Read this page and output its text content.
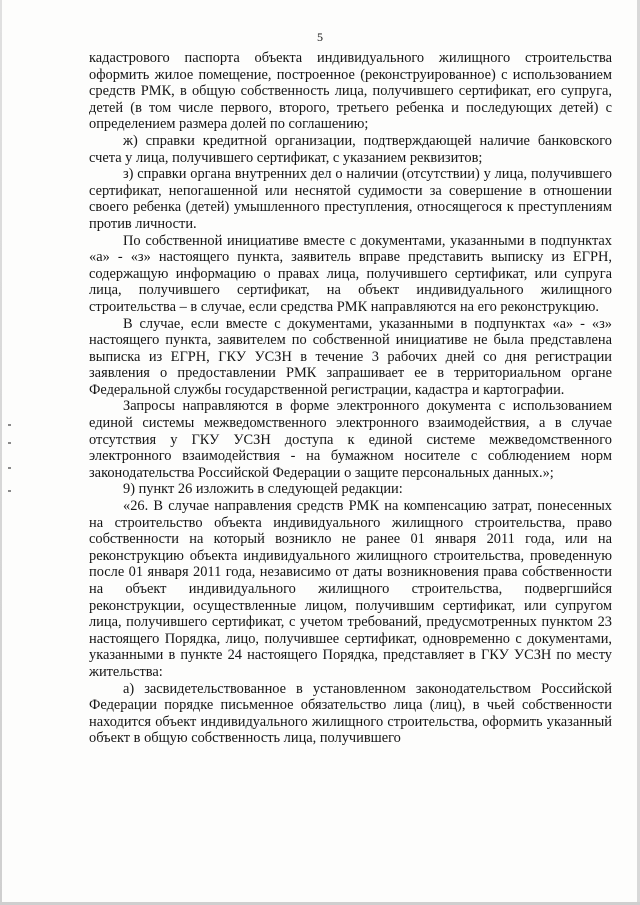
5

кадастрового паспорта объекта индивидуального жилищного строительства оформить жилое помещение, построенное (реконструированное) с использованием средств РМК, в общую собственность лица, получившего сертификат, его супруга, детей (в том числе первого, второго, третьего ребенка и последующих детей) с определением размера долей по соглашению;

ж) справки кредитной организации, подтверждающей наличие банковского счета у лица, получившего сертификат, с указанием реквизитов;

з) справки органа внутренних дел о наличии (отсутствии) у лица, получившего сертификат, непогашенной или неснятой судимости за совершение в отношении своего ребенка (детей) умышленного преступления, относящегося к преступлениям против личности.

По собственной инициативе вместе с документами, указанными в подпунктах «а» - «з» настоящего пункта, заявитель вправе представить выписку из ЕГРН, содержащую информацию о правах лица, получившего сертификат, или супруга лица, получившего сертификат, на объект индивидуального жилищного строительства – в случае, если средства РМК направляются на его реконструкцию.

В случае, если вместе с документами, указанными в подпунктах «а» - «з» настоящего пункта, заявителем по собственной инициативе не была представлена выписка из ЕГРН, ГКУ УСЗН в течение 3 рабочих дней со дня регистрации заявления о предоставлении РМК запрашивает ее в территориальном органе Федеральной службы государственной регистрации, кадастра и картографии.

Запросы направляются в форме электронного документа с использованием единой системы межведомственного электронного взаимодействия, а в случае отсутствия у ГКУ УСЗН доступа к единой системе межведомственного электронного взаимодействия - на бумажном носителе с соблюдением норм законодательства Российской Федерации о защите персональных данных.»;

9) пункт 26 изложить в следующей редакции:

«26. В случае направления средств РМК на компенсацию затрат, понесенных на строительство объекта индивидуального жилищного строительства, право собственности на который возникло не ранее 01 января 2011 года, или на реконструкцию объекта индивидуального жилищного строительства, проведенную после 01 января 2011 года, независимо от даты возникновения права собственности на объект индивидуального жилищного строительства, подвергшийся реконструкции, осуществленные лицом, получившим сертификат, или супругом лица, получившего сертификат, с учетом требований, предусмотренных пунктом 23 настоящего Порядка, лицо, получившее сертификат, одновременно с документами, указанными в пункте 24 настоящего Порядка, представляет в ГКУ УСЗН по месту жительства:

а) засвидетельствованное в установленном законодательством Российской Федерации порядке письменное обязательство лица (лиц), в чьей собственности находится объект индивидуального жилищного строительства, оформить указанный объект в общую собственность лица, получившего
